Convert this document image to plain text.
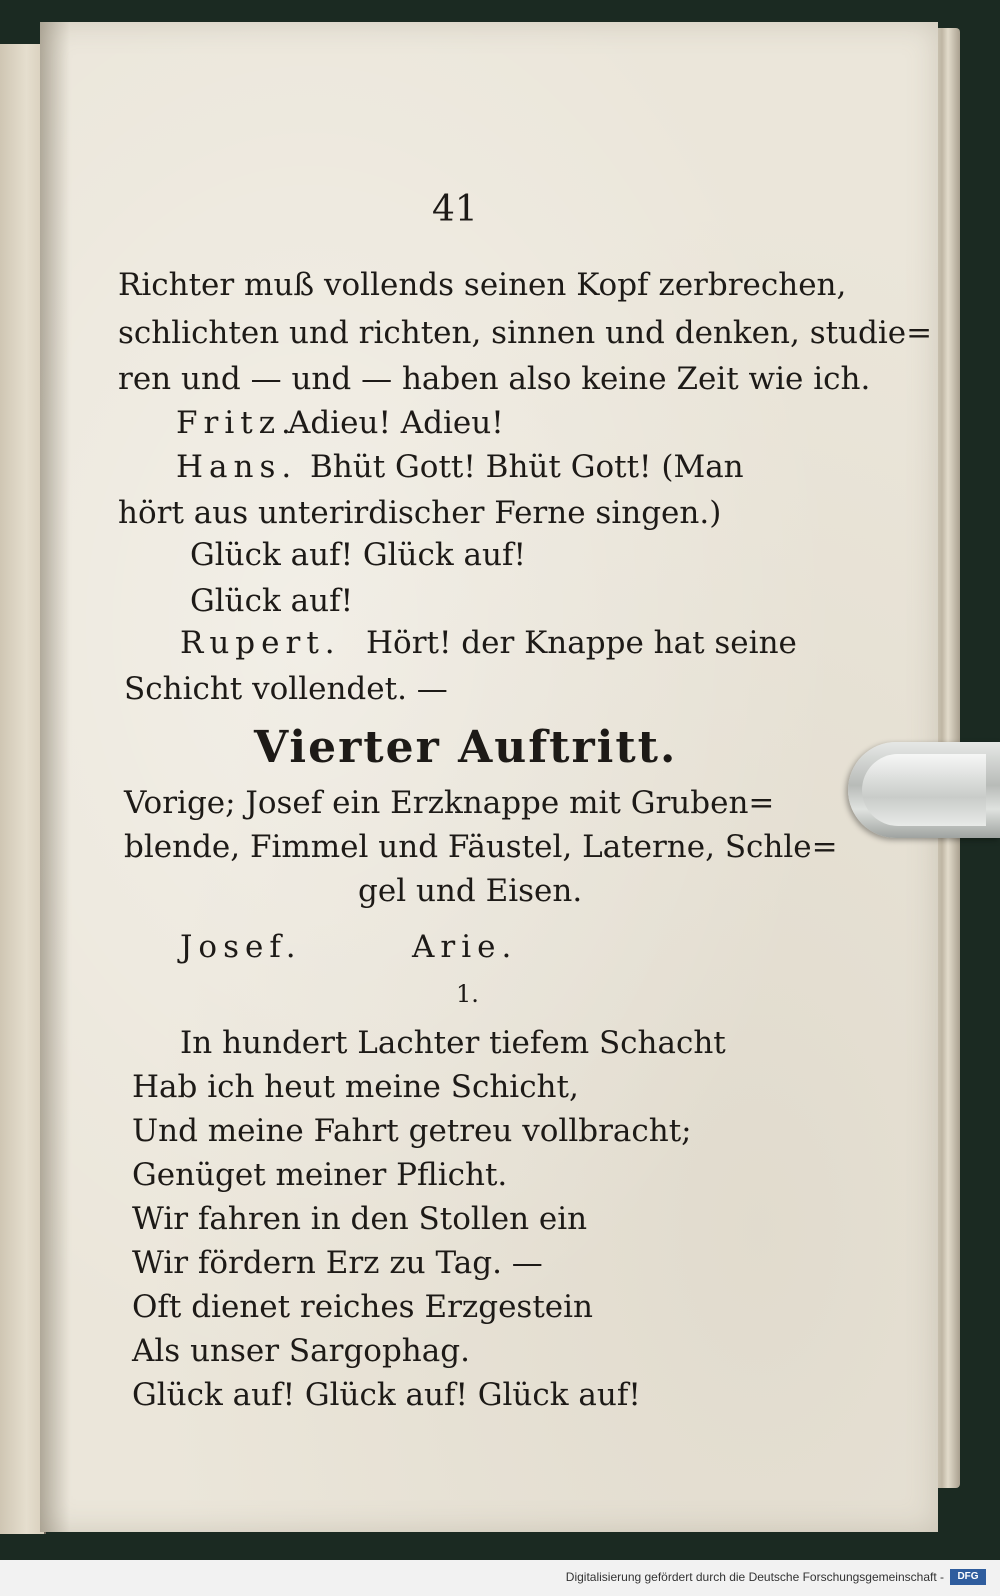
41
Richter muß vollends seinen Kopf zerbrechen,
schlichten und richten, sinnen und denken, studie=
ren und — und — haben also keine Zeit wie ich.
Fritz.
Adieu! Adieu!
Hans. Bhüt Gott! Bhüt Gott! (Man
hört aus unterirdischer Ferne singen.)
Glück auf! Glück auf!
Glück auf!
Rupert. Hört! der Knappe hat seine
Schicht vollendet. —
Vierter Auftritt.
Vorige; Josef ein Erzknappe mit Gruben=
blende, Fimmel und Fäustel, Laterne, Schle=
gel und Eisen.
Josef.	Arie.
1.
In hundert Lachter tiefem Schacht
Hab ich heut meine Schicht,
Und meine Fahrt getreu vollbracht;
Genüget meiner Pflicht.
Wir fahren in den Stollen ein
Wir fördern Erz zu Tag. —
Oft dienet reiches Erzgestein
Als unser Sargophag.
Glück auf! Glück auf! Glück auf!
Digitalisierung gefördert durch die Deutsche Forschungsgemeinschaft -	DFG
